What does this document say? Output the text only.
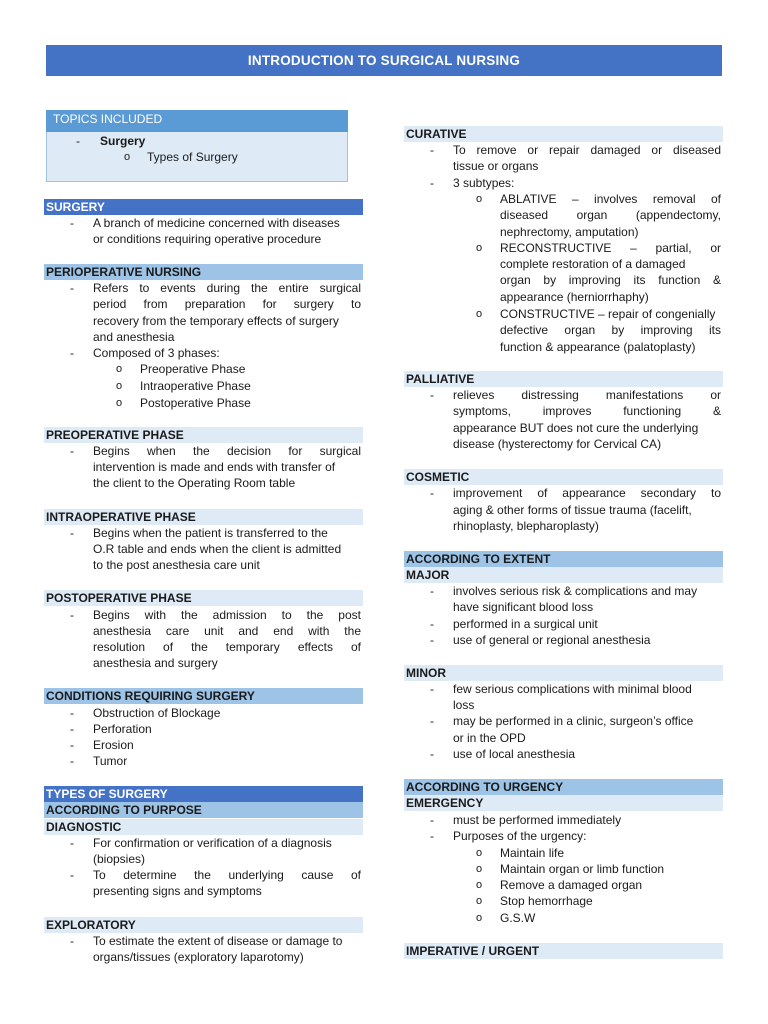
INTRODUCTION TO SURGICAL NURSING
TOPICS INCLUDED
- Surgery
o Types of Surgery
SURGERY
- A branch of medicine concerned with diseases
or conditions requiring operative procedure
PERIOPERATIVE NURSING
- Refers to events during the entire surgical
period from preparation for surgery to
recovery from the temporary effects of surgery
and anesthesia
- Composed of 3 phases:
o Preoperative Phase
o Intraoperative Phase
o Postoperative Phase
PREOPERATIVE PHASE
- Begins when the decision for surgical
intervention is made and ends with transfer of
the client to the Operating Room table
INTRAOPERATIVE PHASE
- Begins when the patient is transferred to the
O.R table and ends when the client is admitted
to the post anesthesia care unit
POSTOPERATIVE PHASE
- Begins with the admission to the post
anesthesia care unit and end with the
resolution of the temporary effects of
anesthesia and surgery
CONDITIONS REQUIRING SURGERY
- Obstruction of Blockage
- Perforation
- Erosion
- Tumor
TYPES OF SURGERY
ACCORDING TO PURPOSE
DIAGNOSTIC
- For confirmation or verification of a diagnosis
(biopsies)
- To determine the underlying cause of
presenting signs and symptoms
EXPLORATORY
- To estimate the extent of disease or damage to
organs/tissues (exploratory laparotomy)
CURATIVE
- To remove or repair damaged or diseased
tissue or organs
- 3 subtypes:
o ABLATIVE – involves removal of
diseased organ (appendectomy,
nephrectomy, amputation)
o RECONSTRUCTIVE – partial, or
complete restoration of a damaged
organ by improving its function &
appearance (herniorrhaphy)
o CONSTRUCTIVE – repair of congenially
defective organ by improving its
function & appearance (palatoplasty)
PALLIATIVE
- relieves distressing manifestations or
symptoms, improves functioning &
appearance BUT does not cure the underlying
disease (hysterectomy for Cervical CA)
COSMETIC
- improvement of appearance secondary to
aging & other forms of tissue trauma (facelift,
rhinoplasty, blepharoplasty)
ACCORDING TO EXTENT
MAJOR
- involves serious risk & complications and may
have significant blood loss
- performed in a surgical unit
- use of general or regional anesthesia
MINOR
- few serious complications with minimal blood
loss
- may be performed in a clinic, surgeon’s office
or in the OPD
- use of local anesthesia
ACCORDING TO URGENCY
EMERGENCY
- must be performed immediately
- Purposes of the urgency:
o Maintain life
o Maintain organ or limb function
o Remove a damaged organ
o Stop hemorrhage
o G.S.W
IMPERATIVE / URGENT
